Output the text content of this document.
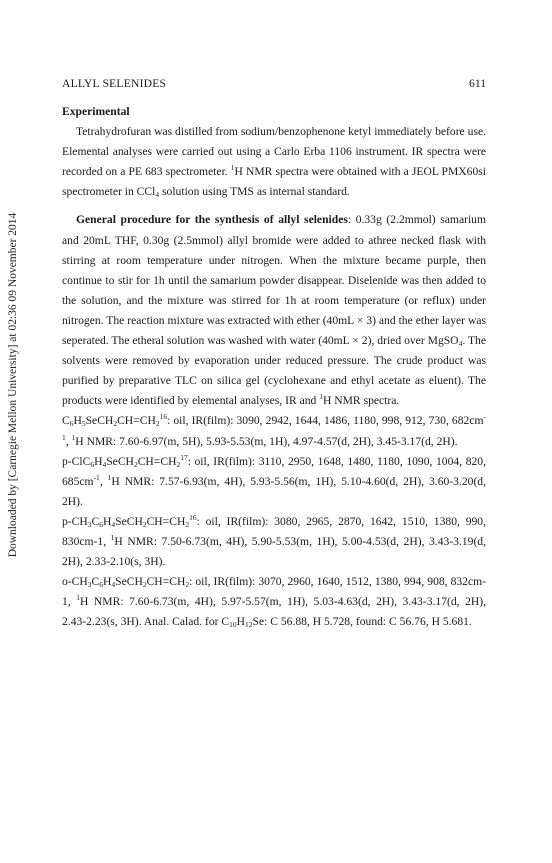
Downloaded by [Carnegie Mellon University] at 02:36 09 November 2014
ALLYL SELENIDES	611
Experimental

Tetrahydrofuran was distilled from sodium/benzophenone ketyl immediately before use. Elemental analyses were carried out using a Carlo Erba 1106 instrument. IR spectra were recorded on a PE 683 spectrometer. $^1$H NMR spectra were obtained with a JEOL PMX60si spectrometer in CCl$_4$ solution using TMS as internal standard.

General procedure for the synthesis of allyl selenides: 0.33g (2.2mmol) samarium and 20mL THF, 0.30g (2.5mmol) allyl bromide were added to athree necked flask with stirring at room temperature under nitrogen. When the mixture became purple, then continue to stir for 1h until the samarium powder disappear. Diselenide was then added to the solution, and the mixture was stirred for 1h at room temperature (or reflux) under nitrogen. The reaction mixture was extracted with ether (40mL × 3) and the ether layer was seperated. The etheral solution was washed with water (40mL × 2), dried over MgSO$_4$. The solvents were removed by evaporation under reduced pressure. The crude product was purified by preparative TLC on silica gel (cyclohexane and ethyl acetate as eluent). The products were identified by elemental analyses, IR and $^1$H NMR spectra.

$C_6H_5SeCH_2CH=CH_2^{16}$: oil, IR(film): 3090, 2942, 1644, 1486, 1180, 998, 912, 730, $682cm^{-1}$, $^1$H NMR: 7.60-6.97(m, 5H), 5.93-5.53(m, 1H), 4.97-4.57(d, 2H), 3.45-3.17(d, 2H).

$p-ClC_6H_4SeCH_2CH=CH_2^{17}$: oil, IR(film): 3110, 2950, 1648, 1480, 1180, 1090, 1004, 820, $685cm^{-1}$, $^1$H NMR: 7.57-6.93(m, 4H), 5.93-5.56(m, 1H), 5.10-4.60(d, 2H), 3.60-3.20(d, 2H).

$p-CH_3C_6H_4SeCH_2CH=CH_2^{16}$: oil, IR(film): 3080, 2965, 2870, 1642, 1510, 1380, 990, 830cm-1, $^1$H NMR: 7.50-6.73(m, 4H), 5.90-5.53(m, 1H), 5.00-4.53(d, 2H), 3.43-3.19(d, 2H), 2.33-2.10(s, 3H).

$o-CH_3C_6H_4SeCH_2CH=CH_2$: oil, IR(film): 3070, 2960, 1640, 1512, 1380, 994, 908, 832cm-1, $^1$H NMR: 7.60-6.73(m, 4H), 5.97-5.57(m, 1H), 5.03-4.63(d, 2H), 3.43-3.17(d, 2H), 2.43-2.23(s, 3H). Anal. Calad. for $C_{10}H_{12}Se$: C 56.88, H 5.728, found: C 56.76, H 5.681.
